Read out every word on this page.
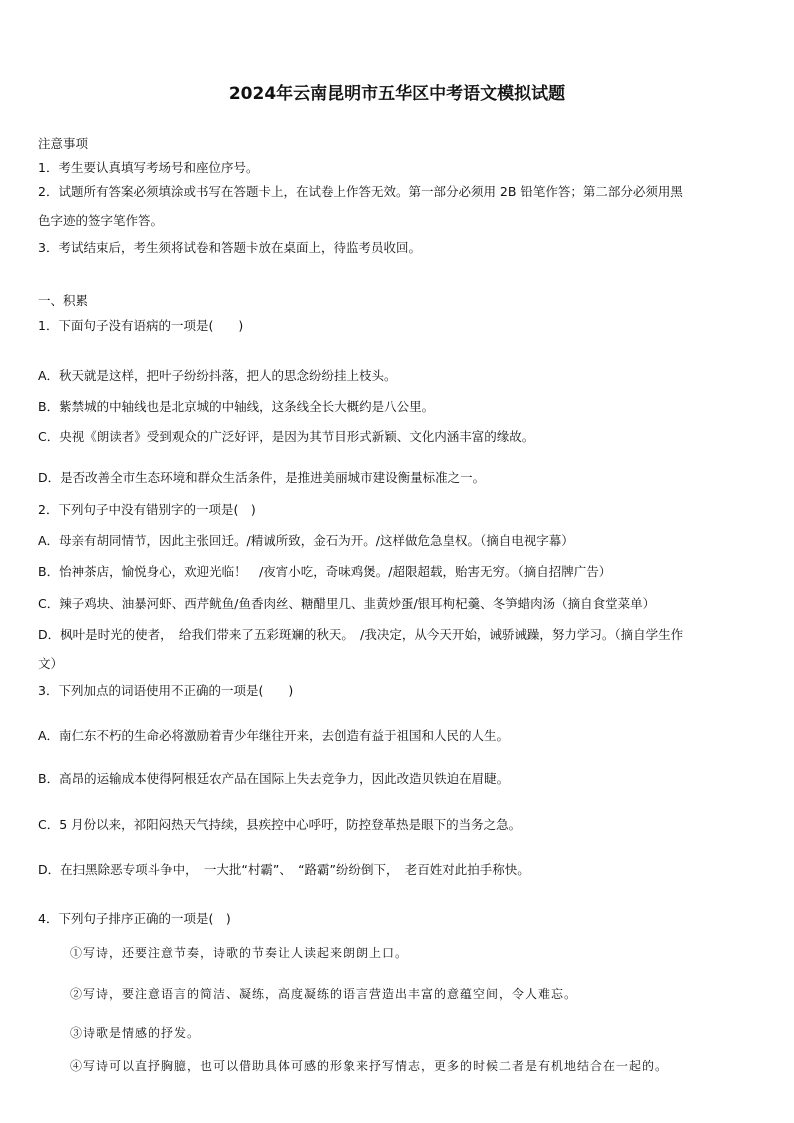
2024年云南昆明市五华区中考语文模拟试题
注意事项
1．考生要认真填写考场号和座位序号。
2．试题所有答案必须填涂或书写在答题卡上，在试卷上作答无效。第一部分必须用 2B 铅笔作答；第二部分必须用黑
色字迹的签字笔作答。
3．考试结束后，考生须将试卷和答题卡放在桌面上，待监考员收回。
一、积累
1．下面句子没有语病的一项是(　　)
A．秋天就是这样，把叶子纷纷抖落，把人的思念纷纷挂上枝头。
B．紫禁城的中轴线也是北京城的中轴线，这条线全长大概约是八公里。
C．央视《朗读者》受到观众的广泛好评，是因为其节目形式新颖、文化内涵丰富的缘故。
D．是否改善全市生态环境和群众生活条件，是推进美丽城市建设衡量标准之一。
2．下列句子中没有错别字的一项是(　)
A．母亲有胡同情节，因此主张回迁。/精诚所致，金石为开。/这样做危急皇权。（摘自电视字幕）
B．怡神茶店，愉悦身心，欢迎光临！　/夜宵小吃，奇味鸡煲。/超限超载，贻害无穷。（摘自招牌广告）
C．辣子鸡块、油暴河虾、西芹鱿鱼/鱼香肉丝、糖醋里几、韭黄炒蛋/银耳枸杞羹、冬笋蜡肉汤（摘自食堂菜单）
D．枫叶是时光的使者，　给我们带来了五彩斑斓的秋天。　/我决定，从今天开始，诫骄诫躁，努力学习。（摘自学生作
文）
3．下列加点的词语使用不正确的一项是(　　)
A．南仁东不朽的生命必将激励着青少年继往开来，去创造有益于祖国和人民的人生。
B．高昂的运输成本使得阿根廷农产品在国际上失去竞争力，因此改造贝铁迫在眉睫。
C．5 月份以来，祁阳闷热天气持续，县疾控中心呼吁，防控登革热是眼下的当务之急。
D．在扫黑除恶专项斗争中，　一大批“村霸”、　“路霸”纷纷倒下，　老百姓对此拍手称快。
4．下列句子排序正确的一项是(　)
①写诗，还要注意节奏，诗歌的节奏让人读起来朗朗上口。
②写诗，要注意语言的简洁、凝练，高度凝练的语言营造出丰富的意蕴空间，令人难忘。
③诗歌是情感的抒发。
④写诗可以直抒胸臆，也可以借助具体可感的形象来抒写情志，更多的时候二者是有机地结合在一起的。
